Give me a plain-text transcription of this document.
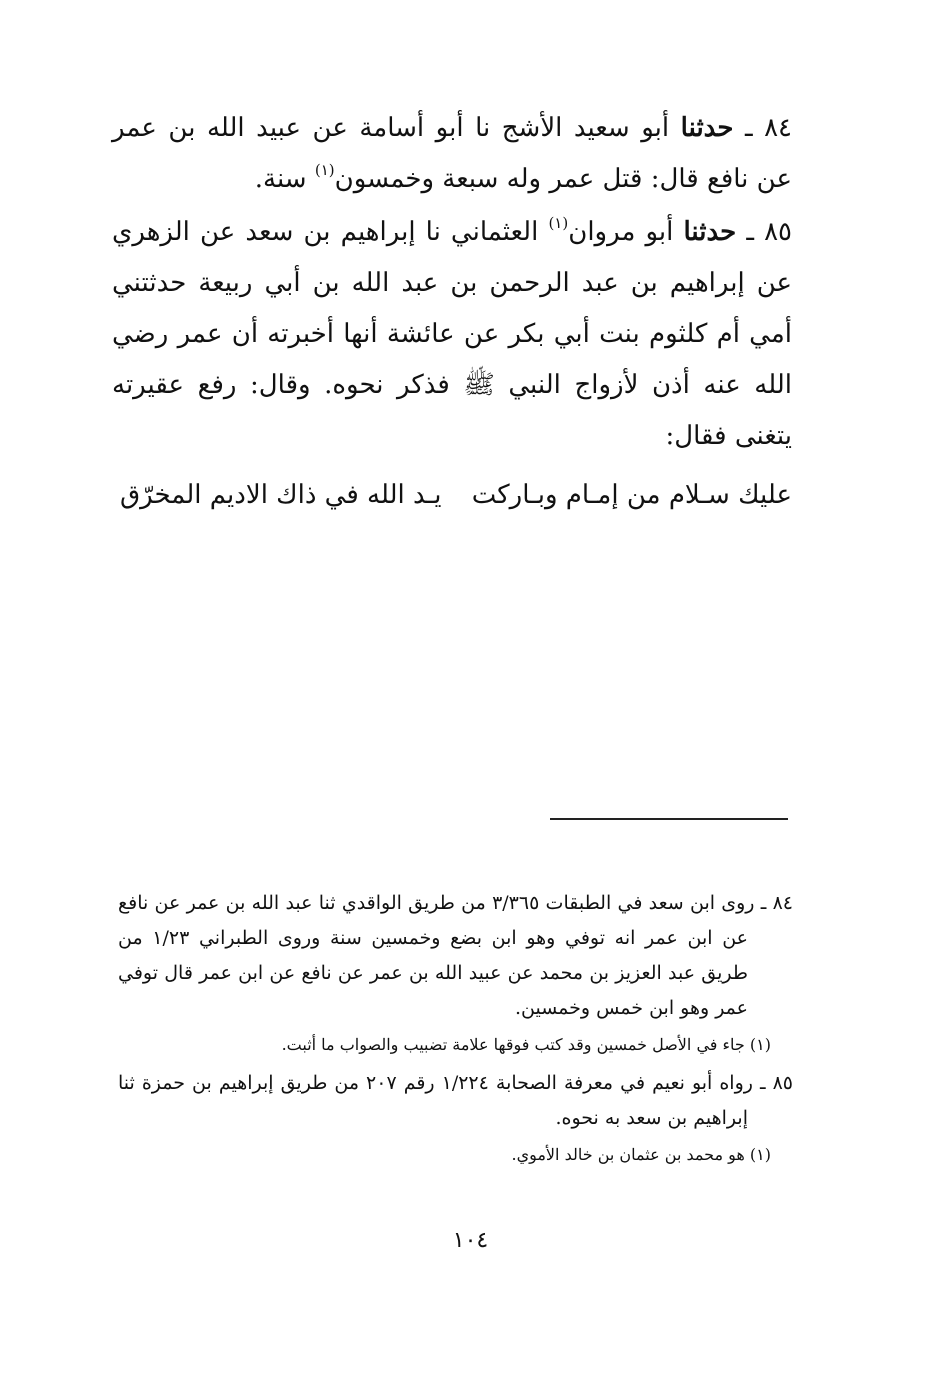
٨٤ ـ حدثنا أبو سعيد الأشج نا أبو أسامة عن عبيد الله بن عمر عن نافع قال: قتل عمر وله سبعة وخمسون$^{(١)}$ سنة.

٨٥ ـ حدثنا أبو مروان$^{(١)}$ العثماني نا إبراهيم بن سعد عن الزهري عن إبراهيم بن عبد الرحمن بن عبد الله بن أبي ربيعة حدثتني أمي أم كلثوم بنت أبي بكر عن عائشة أنها أخبرته أن عمر رضي الله عنه أذن لأزواج النبي ﷺ فذكر نحوه. وقال: رفع عقيرته يتغنى فقال:

عليك سـلام من إمـام وبـاركت
يـد الله في ذاك الاديم المخرّق

٨٤ ـ روى ابن سعد في الطبقات ٣/٣٦٥ من طريق الواقدي ثنا عبد الله بن عمر عن نافع عن ابن عمر انه توفي وهو ابن بضع وخمسين سنة وروى الطبراني ١/٢٣ من طريق عبد العزيز بن محمد عن عبيد الله بن عمر عن نافع عن ابن عمر قال توفي عمر وهو ابن خمس وخمسين.

(١) جاء في الأصل خمسين وقد كتب فوقها علامة تضبيب والصواب ما أثبت.

٨٥ ـ رواه أبو نعيم في معرفة الصحابة ١/٢٢٤ رقم ٢٠٧ من طريق إبراهيم بن حمزة ثنا إبراهيم بن سعد به نحوه.

(١) هو محمد بن عثمان بن خالد الأموي.

١٠٤
